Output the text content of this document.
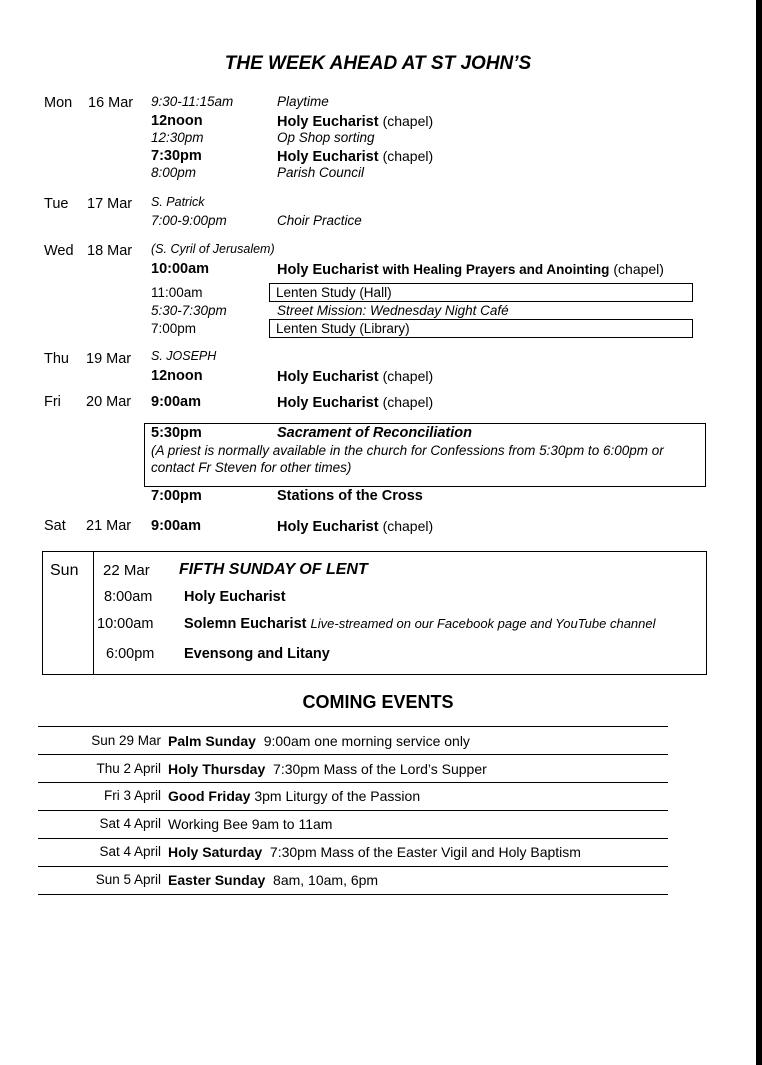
THE WEEK AHEAD AT ST JOHN’S
Mon 16 Mar 9:30-11:15am	Playtime
12noon	Holy Eucharist (chapel)
12:30pm	Op Shop sorting
7:30pm	Holy Eucharist (chapel)
8:00pm	Parish Council
Tue 17 Mar S. Patrick
7:00-9:00pm	Choir Practice
Wed 18 Mar (S. Cyril of Jerusalem)
10:00am	Holy Eucharist with Healing Prayers and Anointing (chapel)
11:00am	Lenten Study (Hall)
5:30-7:30pm	Street Mission: Wednesday Night Café
7:00pm	Lenten Study (Library)
Thu 19 Mar S. JOSEPH
12noon	Holy Eucharist (chapel)
Fri 20 Mar 9:00am	Holy Eucharist (chapel)
5:30pm	Sacrament of Reconciliation
(A priest is normally available in the church for Confessions from 5:30pm to 6:00pm or
contact Fr Steven for other times)
7:00pm	Stations of the Cross
Sat 21 Mar 9:00am	Holy Eucharist (chapel)
Sun 22 Mar FIFTH SUNDAY OF LENT
8:00am Holy Eucharist
10:00am Solemn Eucharist Live-streamed on our Facebook page and YouTube channel
6:00pm Evensong and Litany
COMING EVENTS
Sun 29 Mar Palm Sunday 9:00am one morning service only
Thu 2 April Holy Thursday 7:30pm Mass of the Lord’s Supper
Fri 3 April Good Friday 3pm Liturgy of the Passion
Sat 4 April Working Bee 9am to 11am
Sat 4 April Holy Saturday 7:30pm Mass of the Easter Vigil and Holy Baptism
Sun 5 April Easter Sunday 8am, 10am, 6pm
